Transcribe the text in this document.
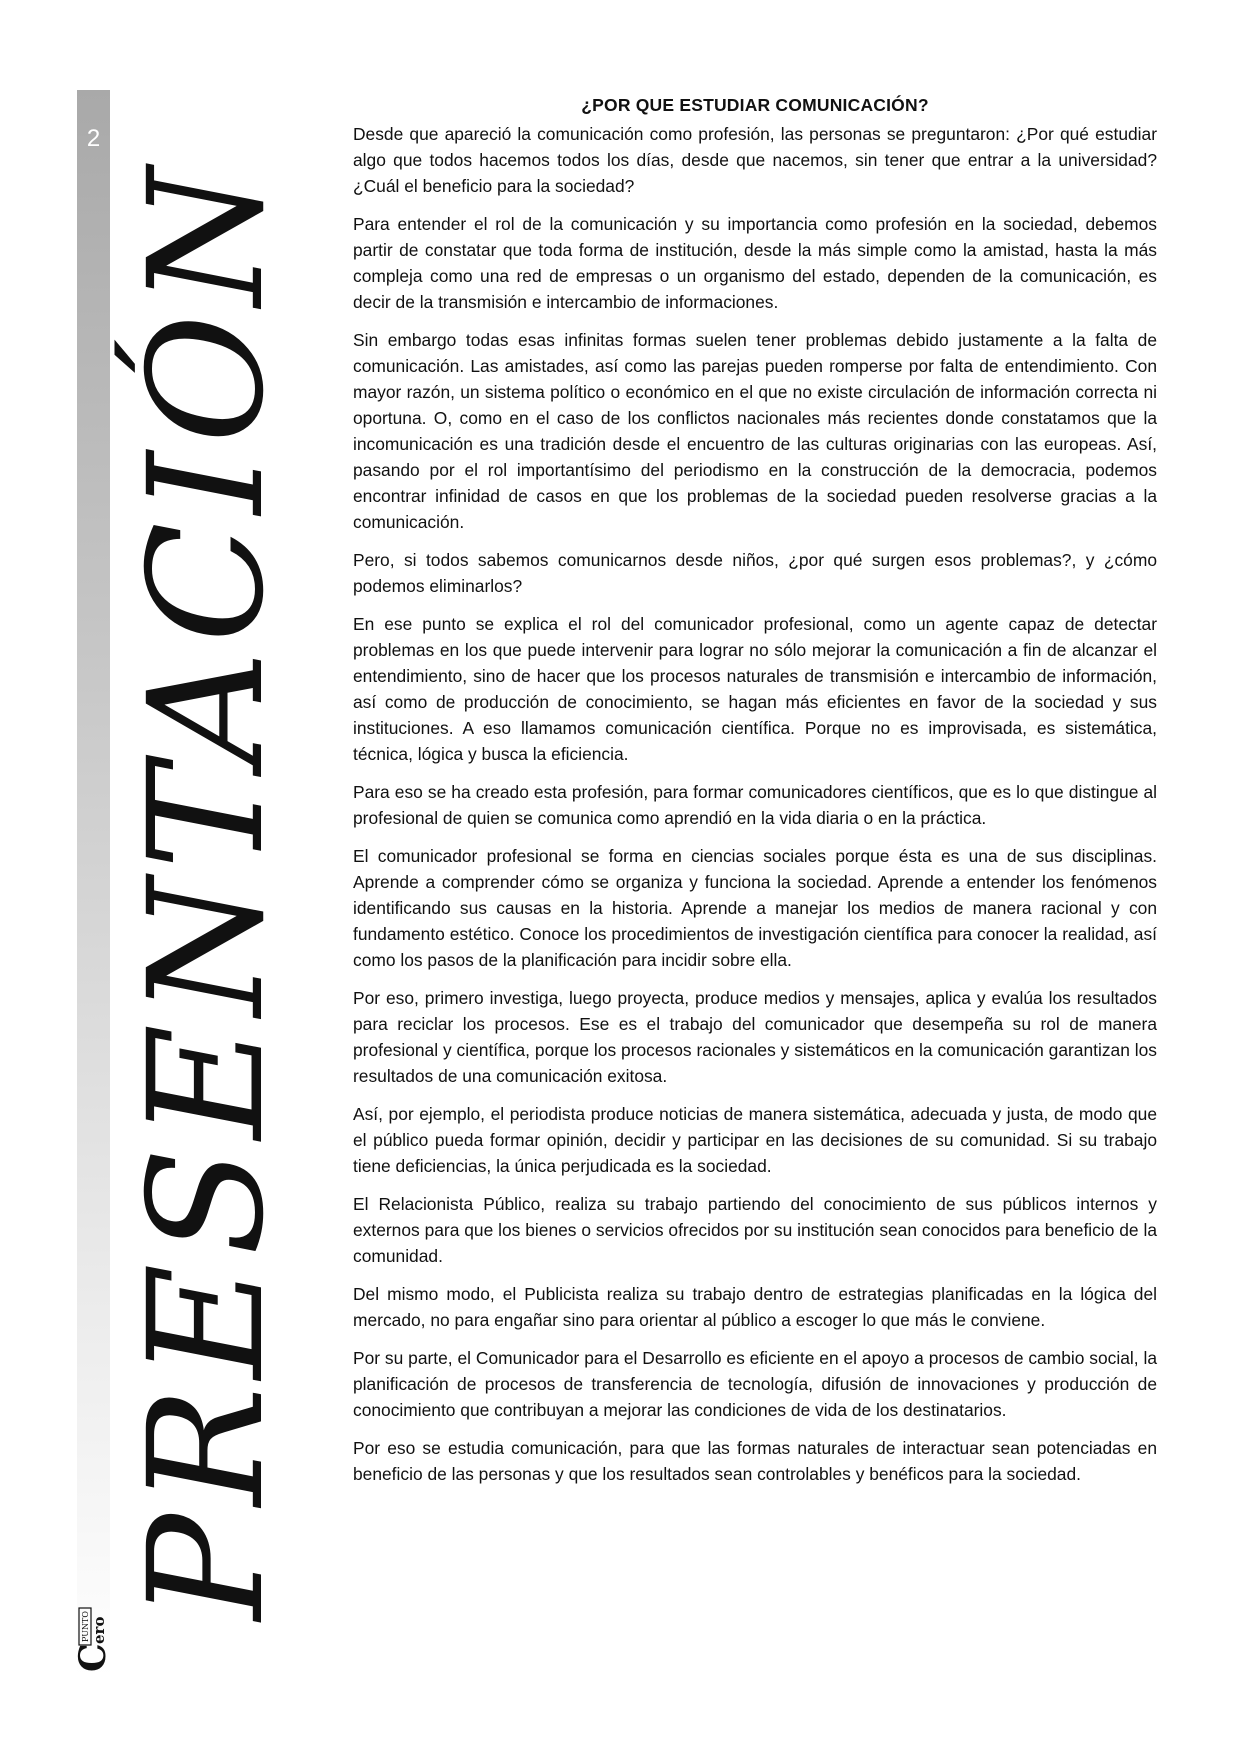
2
C
PUNTO ero
PRESENTACIÓN
¿POR QUE ESTUDIAR COMUNICACIÓN?

Desde que apareció la comunicación como profesión, las personas se preguntaron: ¿Por qué estudiar algo que todos hacemos todos los días, desde que nacemos, sin tener que entrar a la universidad? ¿Cuál el beneficio para la sociedad?

Para entender el rol de la comunicación y su importancia como profesión en la sociedad, debemos partir de constatar que toda forma de institución, desde la más simple como la amistad, hasta la más compleja como una red de empresas o un organismo del estado, dependen de la comunicación, es decir de la transmisión e intercambio de informaciones.

Sin embargo todas esas infinitas formas suelen tener problemas debido justamente a la falta de comunicación. Las amistades, así como las parejas pueden romperse por falta de entendimiento. Con mayor razón, un sistema político o económico en el que no existe circulación de información correcta ni oportuna. O, como en el caso de los conflictos nacionales más recientes donde constatamos que la incomunicación es una tradición desde el encuentro de las culturas originarias con las europeas. Así, pasando por el rol importantísimo del periodismo en la construcción de la democracia, podemos encontrar infinidad de casos en que los problemas de la sociedad pueden resolverse gracias a la comunicación.

Pero, si todos sabemos comunicarnos desde niños, ¿por qué surgen esos problemas?, y ¿cómo podemos eliminarlos?

En ese punto se explica el rol del comunicador profesional, como un agente capaz de detectar problemas en los que puede intervenir para lograr no sólo mejorar la comunicación a fin de alcanzar el entendimiento, sino de hacer que los procesos naturales de transmisión e intercambio de información, así como de producción de conocimiento, se hagan más eficientes en favor de la sociedad y sus instituciones. A eso llamamos comunicación científica. Porque no es improvisada, es sistemática, técnica, lógica y busca la eficiencia.

Para eso se ha creado esta profesión, para formar comunicadores científicos, que es lo que distingue al profesional de quien se comunica como aprendió en la vida diaria o en la práctica.

El comunicador profesional se forma en ciencias sociales porque ésta es una de sus disciplinas. Aprende a comprender cómo se organiza y funciona la sociedad. Aprende a entender los fenómenos identificando sus causas en la historia. Aprende a manejar los medios de manera racional y con fundamento estético. Conoce los procedimientos de investigación científica para conocer la realidad, así como los pasos de la planificación para incidir sobre ella.

Por eso, primero investiga, luego proyecta, produce medios y mensajes, aplica y evalúa los resultados para reciclar los procesos. Ese es el trabajo del comunicador que desempeña su rol de manera profesional y científica, porque los procesos racionales y sistemáticos en la comunicación garantizan los resultados de una comunicación exitosa.

Así, por ejemplo, el periodista produce noticias de manera sistemática, adecuada y justa, de modo que el público pueda formar opinión, decidir y participar en las decisiones de su comunidad. Si su trabajo tiene deficiencias, la única perjudicada es la sociedad.

El Relacionista Público, realiza su trabajo partiendo del conocimiento de sus públicos internos y externos para que los bienes o servicios ofrecidos por su institución sean conocidos para beneficio de la comunidad.

Del mismo modo, el Publicista realiza su trabajo dentro de estrategias planificadas en la lógica del mercado, no para engañar sino para orientar al público a escoger lo que más le conviene.

Por su parte, el Comunicador para el Desarrollo es eficiente en el apoyo a procesos de cambio social, la planificación de procesos de transferencia de tecnología, difusión de innovaciones y producción de conocimiento que contribuyan a mejorar las condiciones de vida de los destinatarios.

Por eso se estudia comunicación, para que las formas naturales de interactuar sean potenciadas en beneficio de las personas y que los resultados sean controlables y benéficos para la sociedad.
